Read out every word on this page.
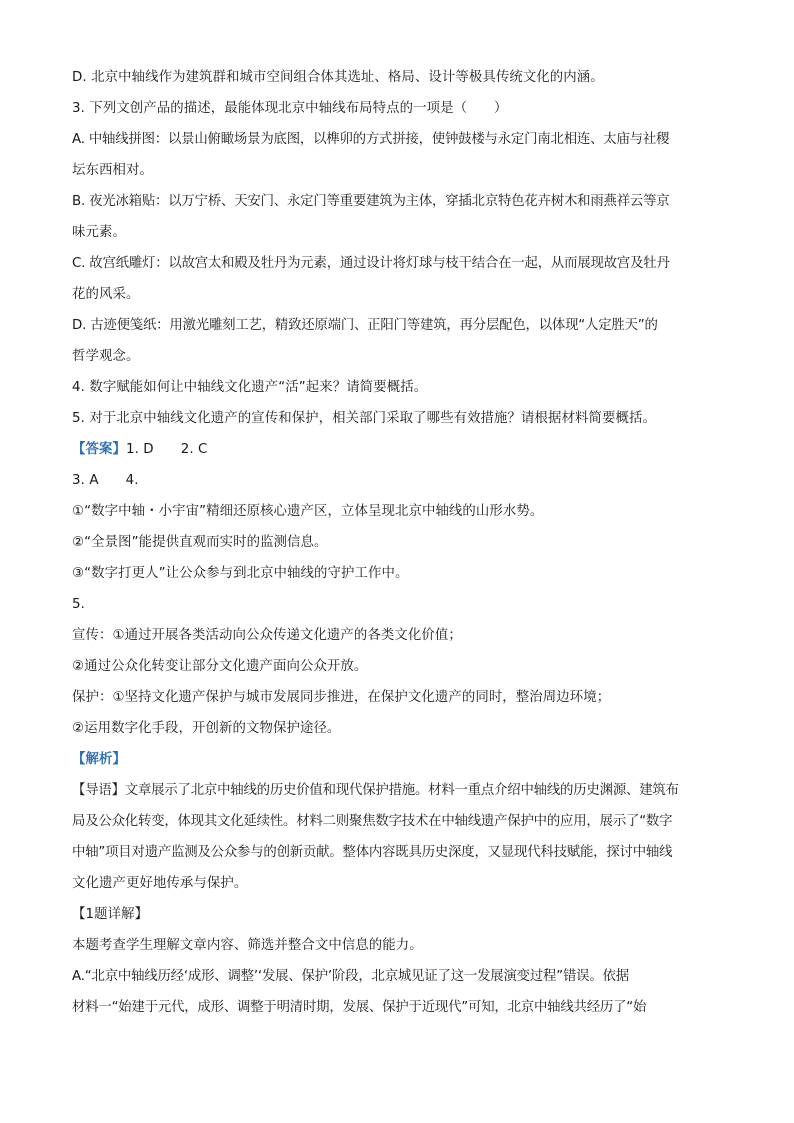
D. 北京中轴线作为建筑群和城市空间组合体其选址、格局、设计等极具传统文化的内涵。
3. 下列文创产品的描述，最能体现北京中轴线布局特点的一项是（　　）
A. 中轴线拼图：以景山俯瞰场景为底图，以榫卯的方式拼接，使钟鼓楼与永定门南北相连、太庙与社稷
坛东西相对。
B. 夜光冰箱贴：以万宁桥、天安门、永定门等重要建筑为主体，穿插北京特色花卉树木和雨燕祥云等京
味元素。
C. 故宫纸雕灯：以故宫太和殿及牡丹为元素，通过设计将灯球与枝干结合在一起，从而展现故宫及牡丹
花的风采。
D. 古迹便笺纸：用激光雕刻工艺，精致还原端门、正阳门等建筑，再分层配色，以体现“人定胜天”的
哲学观念。
4. 数字赋能如何让中轴线文化遗产“活”起来？请简要概括。
5. 对于北京中轴线文化遗产的宣传和保护，相关部门采取了哪些有效措施？请根据材料简要概括。
【答案】1. D　　2. C
3. A　　4.
①“数字中轴・小宇宙”精细还原核心遗产区，立体呈现北京中轴线的山形水势。
②“全景图”能提供直观而实时的监测信息。
③“数字打更人”让公众参与到北京中轴线的守护工作中。
5.
宣传：①通过开展各类活动向公众传递文化遗产的各类文化价值；
②通过公众化转变让部分文化遗产面向公众开放。
保护：①坚持文化遗产保护与城市发展同步推进，在保护文化遗产的同时，整治周边环境；
②运用数字化手段，开创新的文物保护途径。
【解析】
【导语】文章展示了北京中轴线的历史价值和现代保护措施。材料一重点介绍中轴线的历史渊源、建筑布
局及公众化转变，体现其文化延续性。材料二则聚焦数字技术在中轴线遗产保护中的应用，展示了“数字
中轴”项目对遗产监测及公众参与的创新贡献。整体内容既具历史深度，又显现代科技赋能，探讨中轴线
文化遗产更好地传承与保护。
【1题详解】
本题考查学生理解文章内容、筛选并整合文中信息的能力。
A.“北京中轴线历经‘成形、调整’‘发展、保护’阶段，北京城见证了这一发展演变过程”错误。依据
材料一“始建于元代，成形、调整于明清时期，发展、保护于近现代”可知，北京中轴线共经历了“始
